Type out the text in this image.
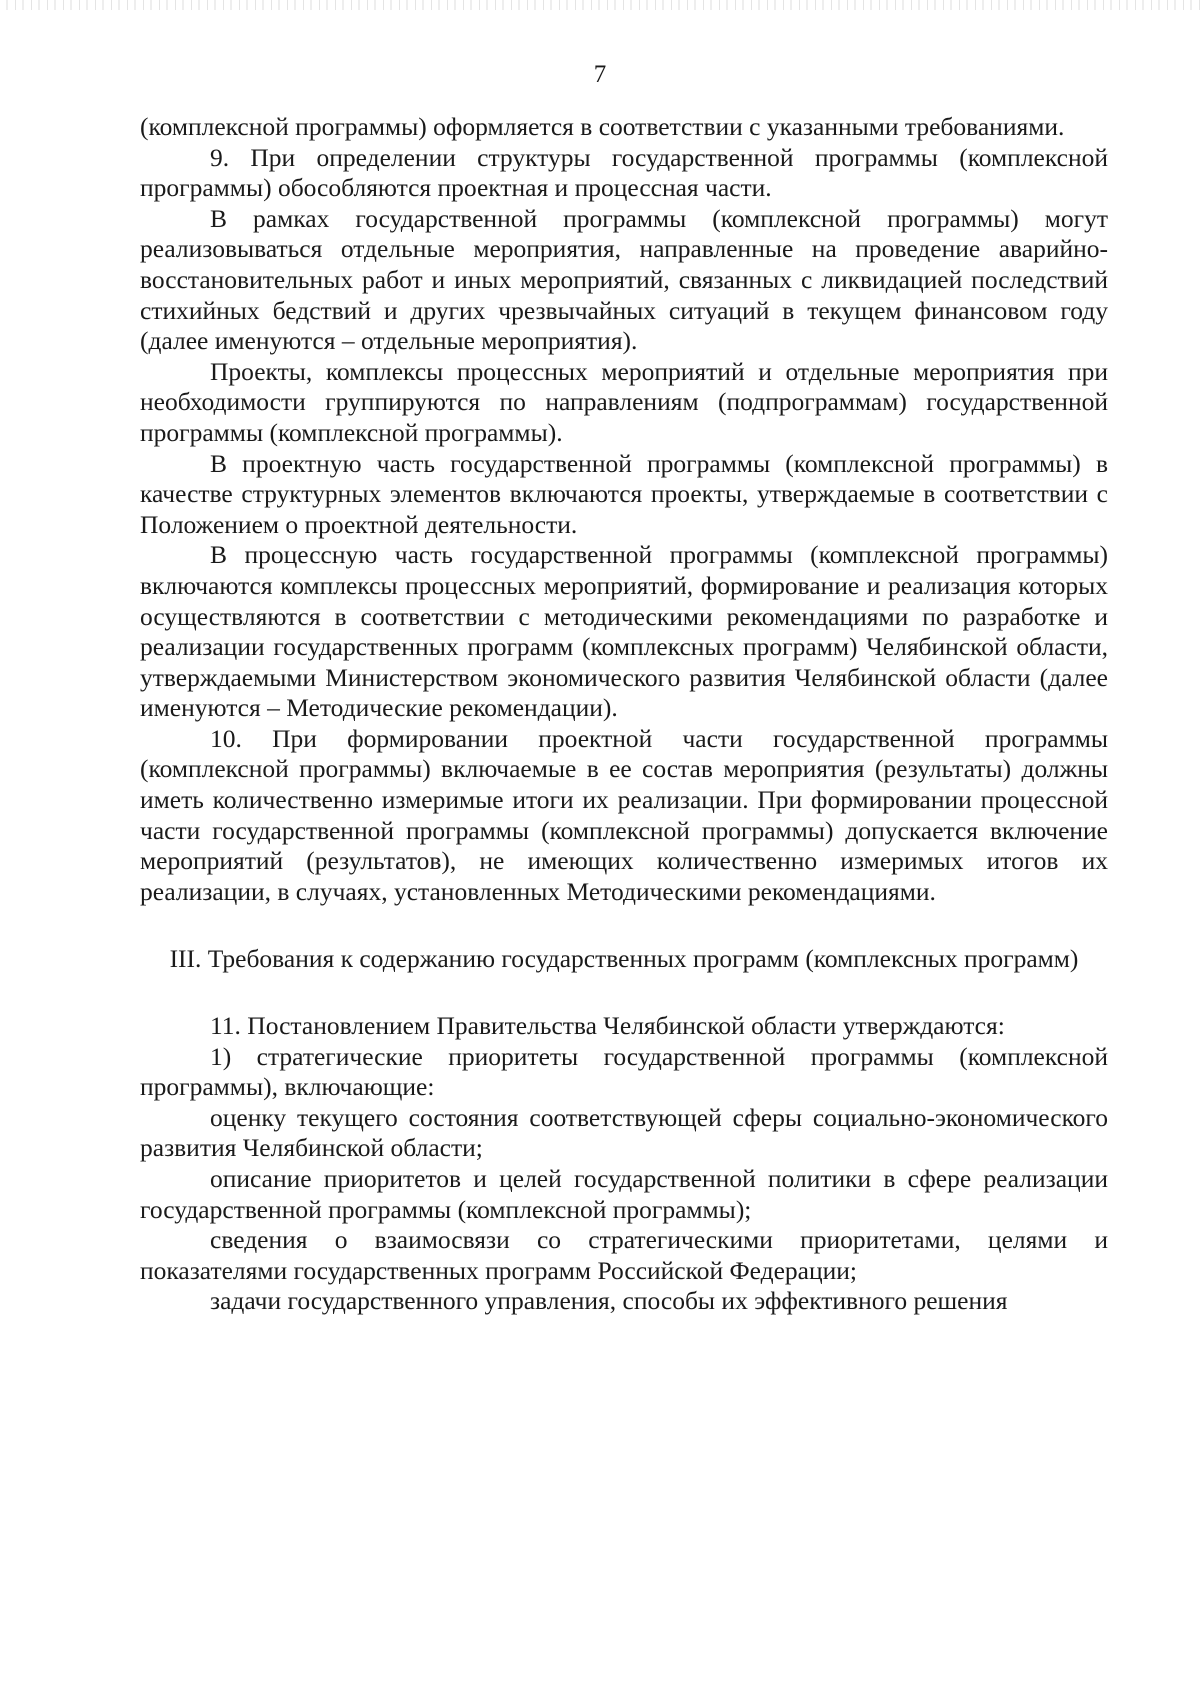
7

(комплексной программы) оформляется в соответствии с указанными требованиями.

9. При определении структуры государственной программы (комплексной программы) обособляются проектная и процессная части.

В рамках государственной программы (комплексной программы) могут реализовываться отдельные мероприятия, направленные на проведение аварийно-восстановительных работ и иных мероприятий, связанных с ликвидацией последствий стихийных бедствий и других чрезвычайных ситуаций в текущем финансовом году (далее именуются – отдельные мероприятия).

Проекты, комплексы процессных мероприятий и отдельные мероприятия при необходимости группируются по направлениям (подпрограммам) государственной программы (комплексной программы).

В проектную часть государственной программы (комплексной программы) в качестве структурных элементов включаются проекты, утверждаемые в соответствии с Положением о проектной деятельности.

В процессную часть государственной программы (комплексной программы) включаются комплексы процессных мероприятий, формирование и реализация которых осуществляются в соответствии с методическими рекомендациями по разработке и реализации государственных программ (комплексных программ) Челябинской области, утверждаемыми Министерством экономического развития Челябинской области (далее именуются – Методические рекомендации).

10. При формировании проектной части государственной программы (комплексной программы) включаемые в ее состав мероприятия (результаты) должны иметь количественно измеримые итоги их реализации. При формировании процессной части государственной программы (комплексной программы) допускается включение мероприятий (результатов), не имеющих количественно измеримых итогов их реализации, в случаях, установленных Методическими рекомендациями.

III. Требования к содержанию государственных программ (комплексных программ)

11. Постановлением Правительства Челябинской области утверждаются:

1) стратегические приоритеты государственной программы (комплексной программы), включающие:

оценку текущего состояния соответствующей сферы социально-экономического развития Челябинской области;

описание приоритетов и целей государственной политики в сфере реализации государственной программы (комплексной программы);

сведения о взаимосвязи со стратегическими приоритетами, целями и показателями государственных программ Российской Федерации;

задачи государственного управления, способы их эффективного решения
